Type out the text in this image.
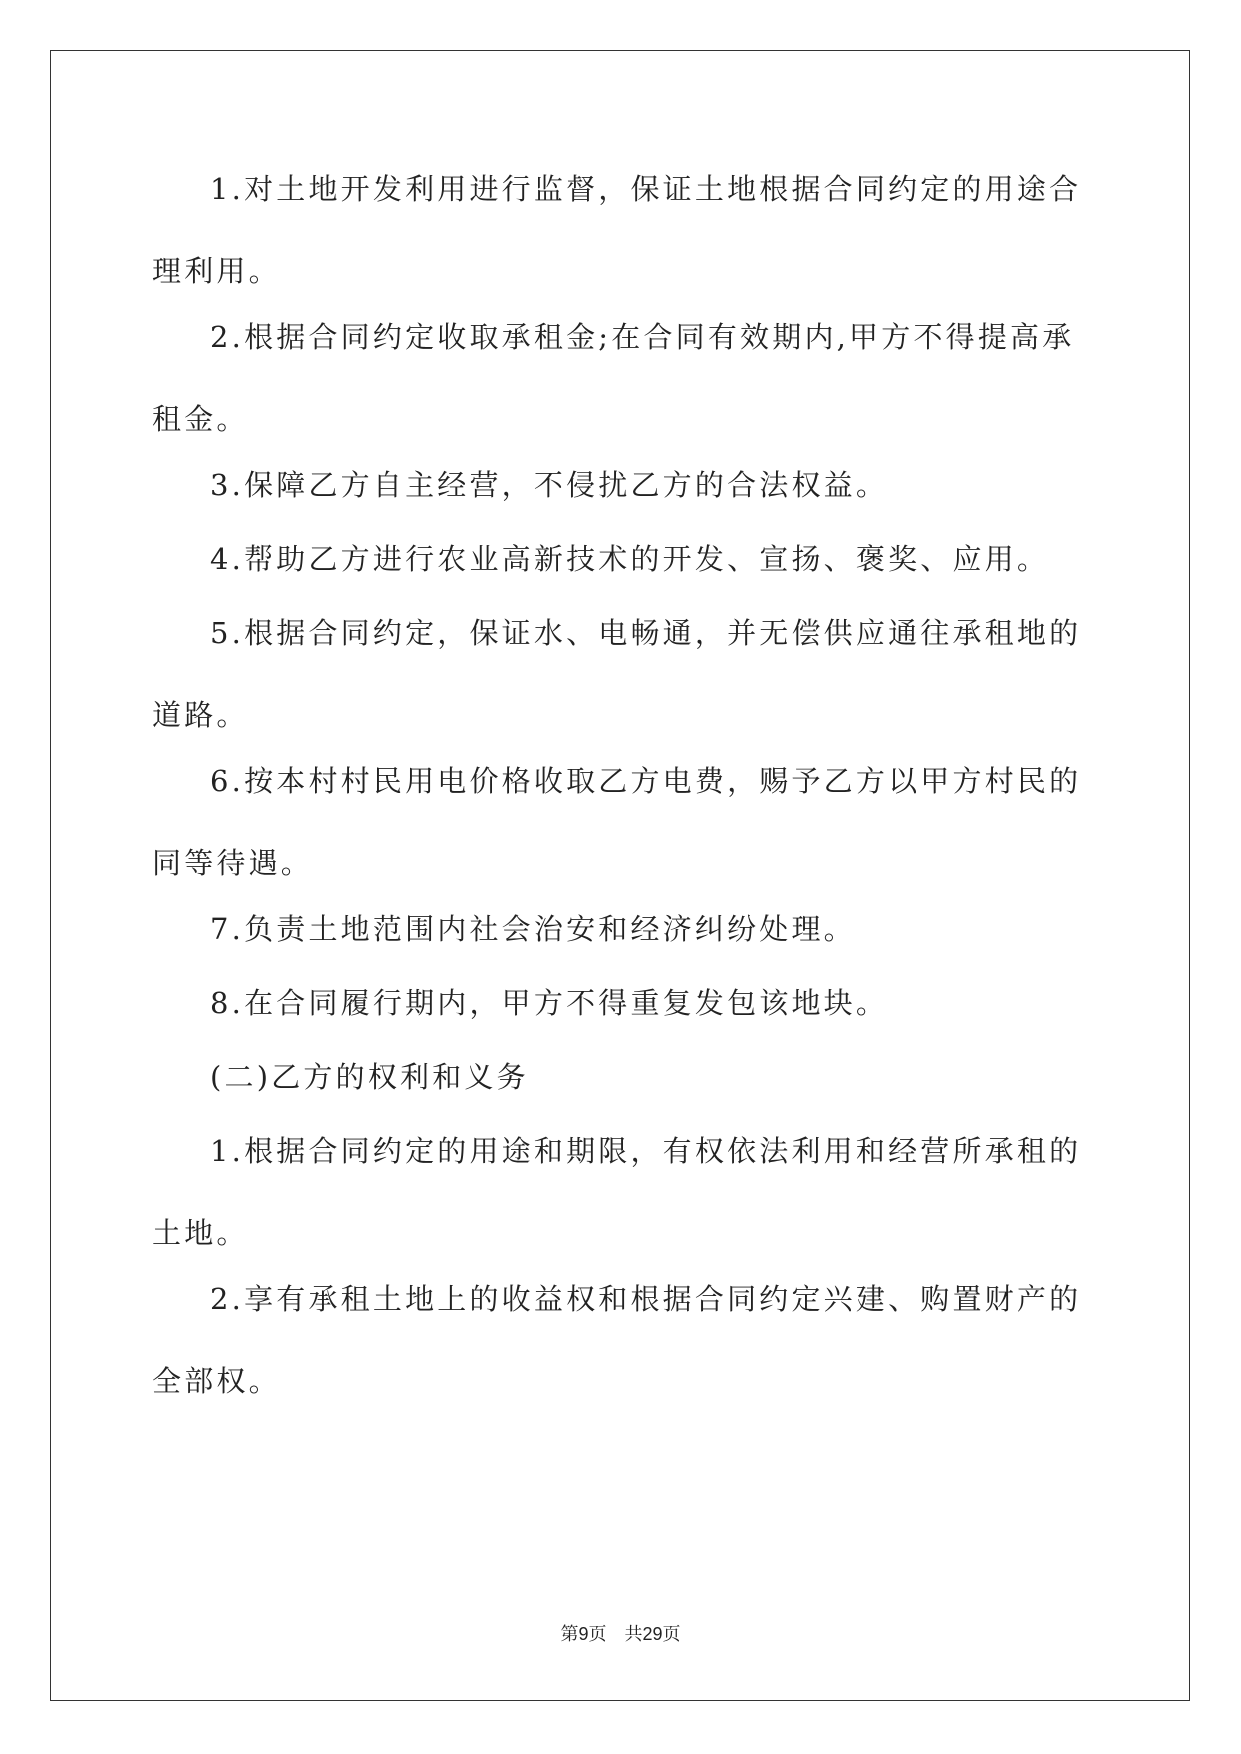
1.对土地开发利用进行监督，保证土地根据合同约定的用途合理利用。

2.根据合同约定收取承租金;在合同有效期内,甲方不得提高承租金。

3.保障乙方自主经营，不侵扰乙方的合法权益。

4.帮助乙方进行农业高新技术的开发、宣扬、褒奖、应用。

5.根据合同约定，保证水、电畅通，并无偿供应通往承租地的道路。

6.按本村村民用电价格收取乙方电费，赐予乙方以甲方村民的同等待遇。

7.负责土地范围内社会治安和经济纠纷处理。

8.在合同履行期内，甲方不得重复发包该地块。

(二)乙方的权利和义务

1.根据合同约定的用途和期限，有权依法利用和经营所承租的土地。

2.享有承租土地上的收益权和根据合同约定兴建、购置财产的全部权。

第9页 共29页
